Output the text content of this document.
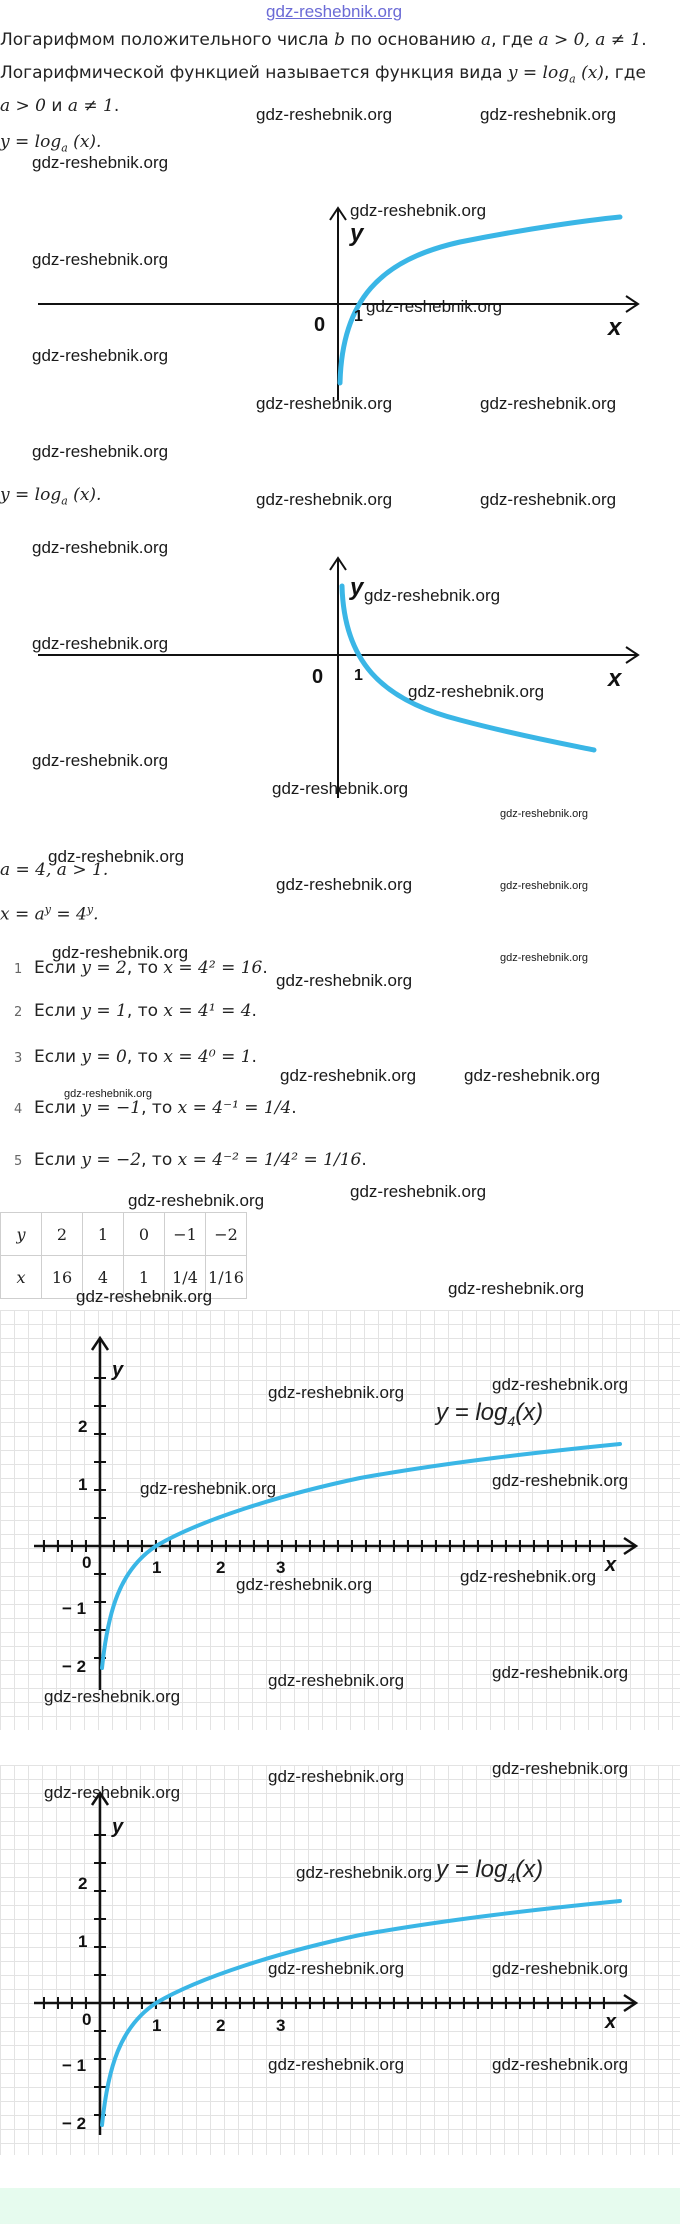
gdz-reshebnik.org
Логарифмом положительного числа b по основанию a, где a > 0, a ≠ 1.
Логарифмической функцией называется функция вида $y = \log_a (x)$, где
a > 0 и a ≠ 1.
$y = \log_a (x)$.
0 1	x
y
$y = \log_a (x)$.
0 1	x
y
a = 4, a > 1.
$x = a^y = 4^y$.
1 Если y = 2, то x = 4² = 16.
2 Если y = 1, то x = 4¹ = 4.
3 Если y = 0, то x = 4⁰ = 1.
4 Если y = −1, то x = 4⁻¹ = 1/4.
5 Если y = −2, то x = 4⁻² = 1/4² = 1/16.
y	2	1	0	−1	−2
x	16	4	1	1/4	1/16
1	2	3
2
1
0
− 1
− 2
x
y
$y = \log_4(x)$
1	2	3
2
1
0
− 1
− 2
x
y
$y = \log_4(x)$
gdz-reshebnik.org	gdz-reshebnik.org
gdz-reshebnik.org
gdz-reshebnik.org
gdz-reshebnik.org
gdz-reshebnik.org
gdz-reshebnik.org
gdz-reshebnik.org	gdz-reshebnik.org
gdz-reshebnik.org
gdz-reshebnik.org	gdz-reshebnik.org
gdz-reshebnik.org
gdz-reshebnik.org
gdz-reshebnik.org
gdz-reshebnik.org
gdz-reshebnik.org
gdz-reshebnik.org
gdz-reshebnik.org
gdz-reshebnik.org
gdz-reshebnik.org	gdz-reshebnik.org
gdz-reshebnik.org	gdz-reshebnik.org
gdz-reshebnik.org
gdz-reshebnik.org	gdz-reshebnik.org
gdz-reshebnik.org
gdz-reshebnik.org	gdz-reshebnik.org
gdz-reshebnik.org	gdz-reshebnik.org
gdz-reshebnik.org	gdz-reshebnik.org
gdz-reshebnik.org	gdz-reshebnik.org
gdz-reshebnik.org	gdz-reshebnik.org
gdz-reshebnik.org	gdz-reshebnik.org
gdz-reshebnik.org
gdz-reshebnik.org	gdz-reshebnik.org
gdz-reshebnik.org
gdz-reshebnik.org
gdz-reshebnik.org	gdz-reshebnik.org
gdz-reshebnik.org	gdz-reshebnik.org
